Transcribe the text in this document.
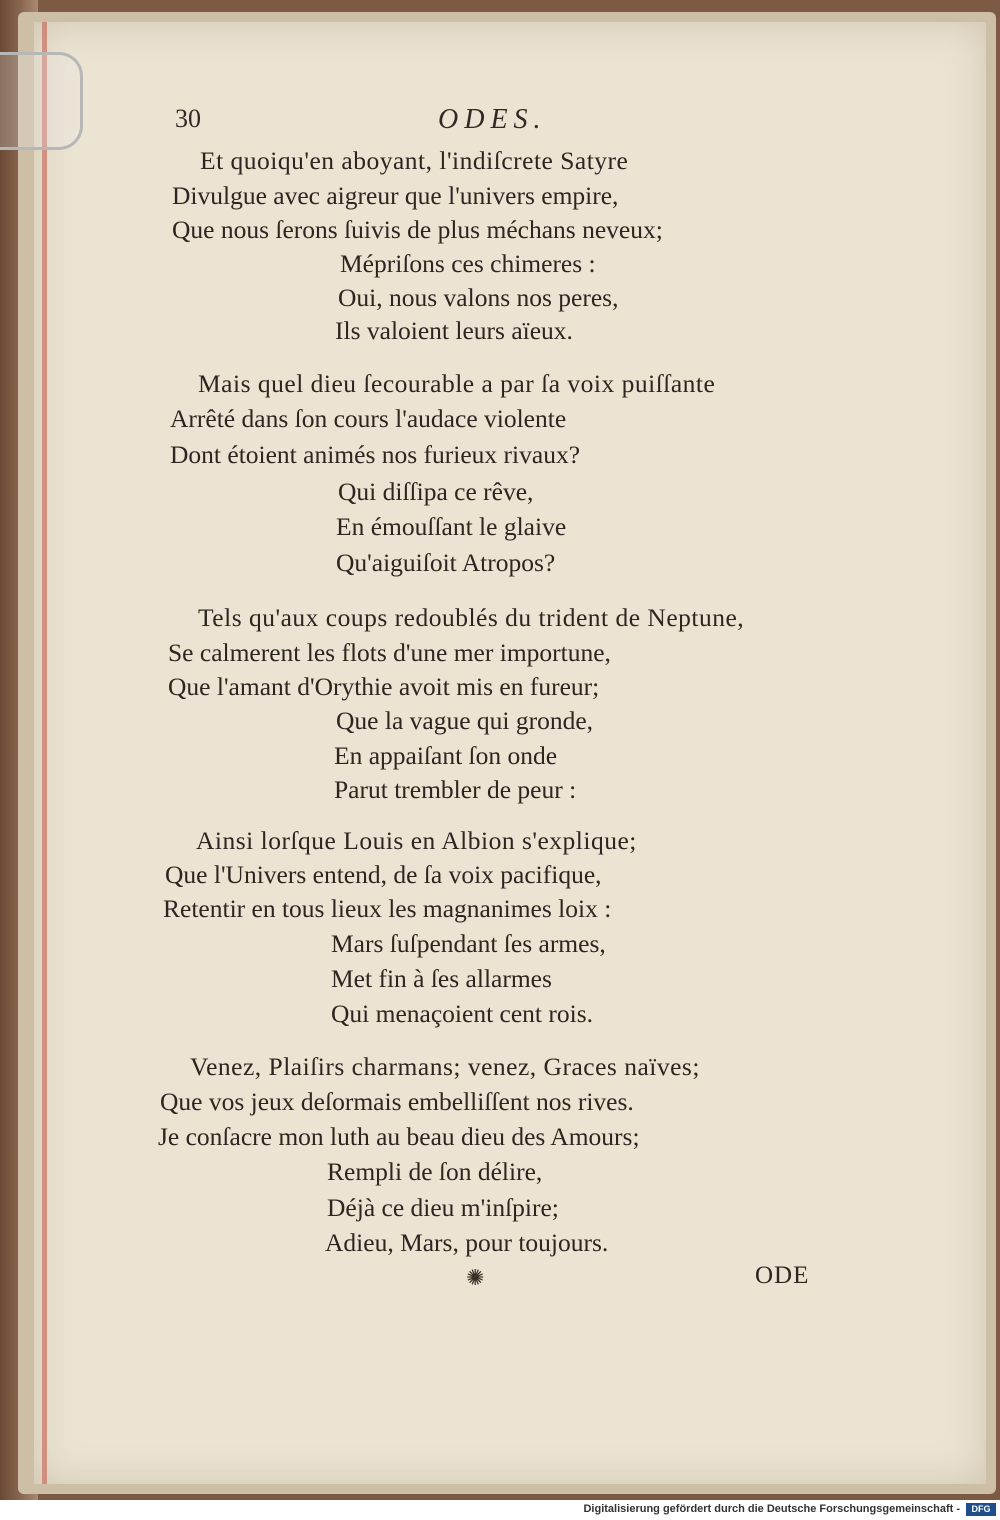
30	ODES.
Et quoiqu'en aboyant, l'indiſcrete Satyre
Divulgue avec aigreur que l'univers empire,
Que nous ſerons ſuivis de plus méchans neveux;
Mépriſons ces chimeres :
Oui, nous valons nos peres,
Ils valoient leurs aïeux.
Mais quel dieu ſecourable a par ſa voix puiſſante
Arrêté dans ſon cours l'audace violente
Dont étoient animés nos furieux rivaux?
Qui diſſipa ce rêve,
En émouſſant le glaive
Qu'aiguiſoit Atropos?
Tels qu'aux coups redoublés du trident de Neptune,
Se calmerent les flots d'une mer importune,
Que l'amant d'Orythie avoit mis en fureur;
Que la vague qui gronde,
En appaiſant ſon onde
Parut trembler de peur :
Ainsi lorſque Louis en Albion s'explique;
Que l'Univers entend, de ſa voix pacifique,
Retentir en tous lieux les magnanimes loix :
Mars ſuſpendant ſes armes,
Met fin à ſes allarmes
Qui menaçoient cent rois.
Venez, Plaiſirs charmans; venez, Graces naïves;
Que vos jeux deſormais embelliſſent nos rives.
Je conſacre mon luth au beau dieu des Amours;
Rempli de ſon délire,
Déjà ce dieu m'inſpire;
Adieu, Mars, pour toujours.
✺	ODE
Digitalisierung gefördert durch die Deutsche Forschungsgemeinschaft -	DFG
